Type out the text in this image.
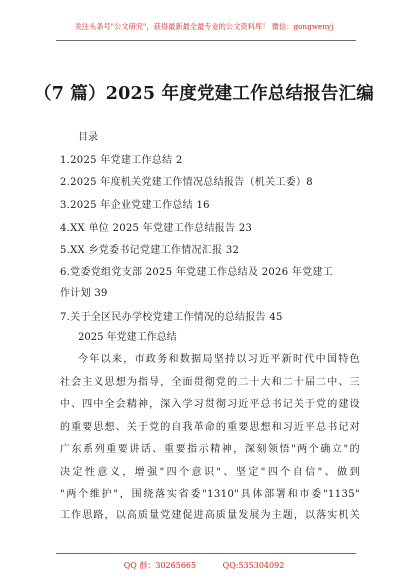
关注头条号"公文研究"，获得最新最全最专业的公文资料库！ 微信：gongwenyj
（7 篇）2025 年度党建工作总结报告汇编
目录
1.2025 年党建工作总结 2
2.2025 年度机关党建工作情况总结报告（机关工委）8
3.2025 年企业党建工作总结 16
4.XX 单位 2025 年党建工作总结报告 23
5.XX 乡党委书记党建工作情况汇报 32
6.党委党组党支部 2025 年党建工作总结及 2026 年党建工
作计划 39
7.关于全区民办学校党建工作情况的总结报告 45
2025 年党建工作总结
今年以来，市政务和数据局坚持以习近平新时代中国特色
社会主义思想为指导，全面贯彻党的二十大和二十届二中、三
中、四中全会精神，深入学习贯彻习近平总书记关于党的建设
的重要思想、关于党的自我革命的重要思想和习近平总书记对
广东系列重要讲话、重要指示精神，深刻领悟"两个确立"的
决定性意义，增强"四个意识"、坚定"四个自信"、做到
"两个维护"，围绕落实省委"1310"具体部署和市委"1135"
工作思路，以高质量党建促进高质量发展为主题，以落实机关
QQ 群：30265665	QQ:535304092
